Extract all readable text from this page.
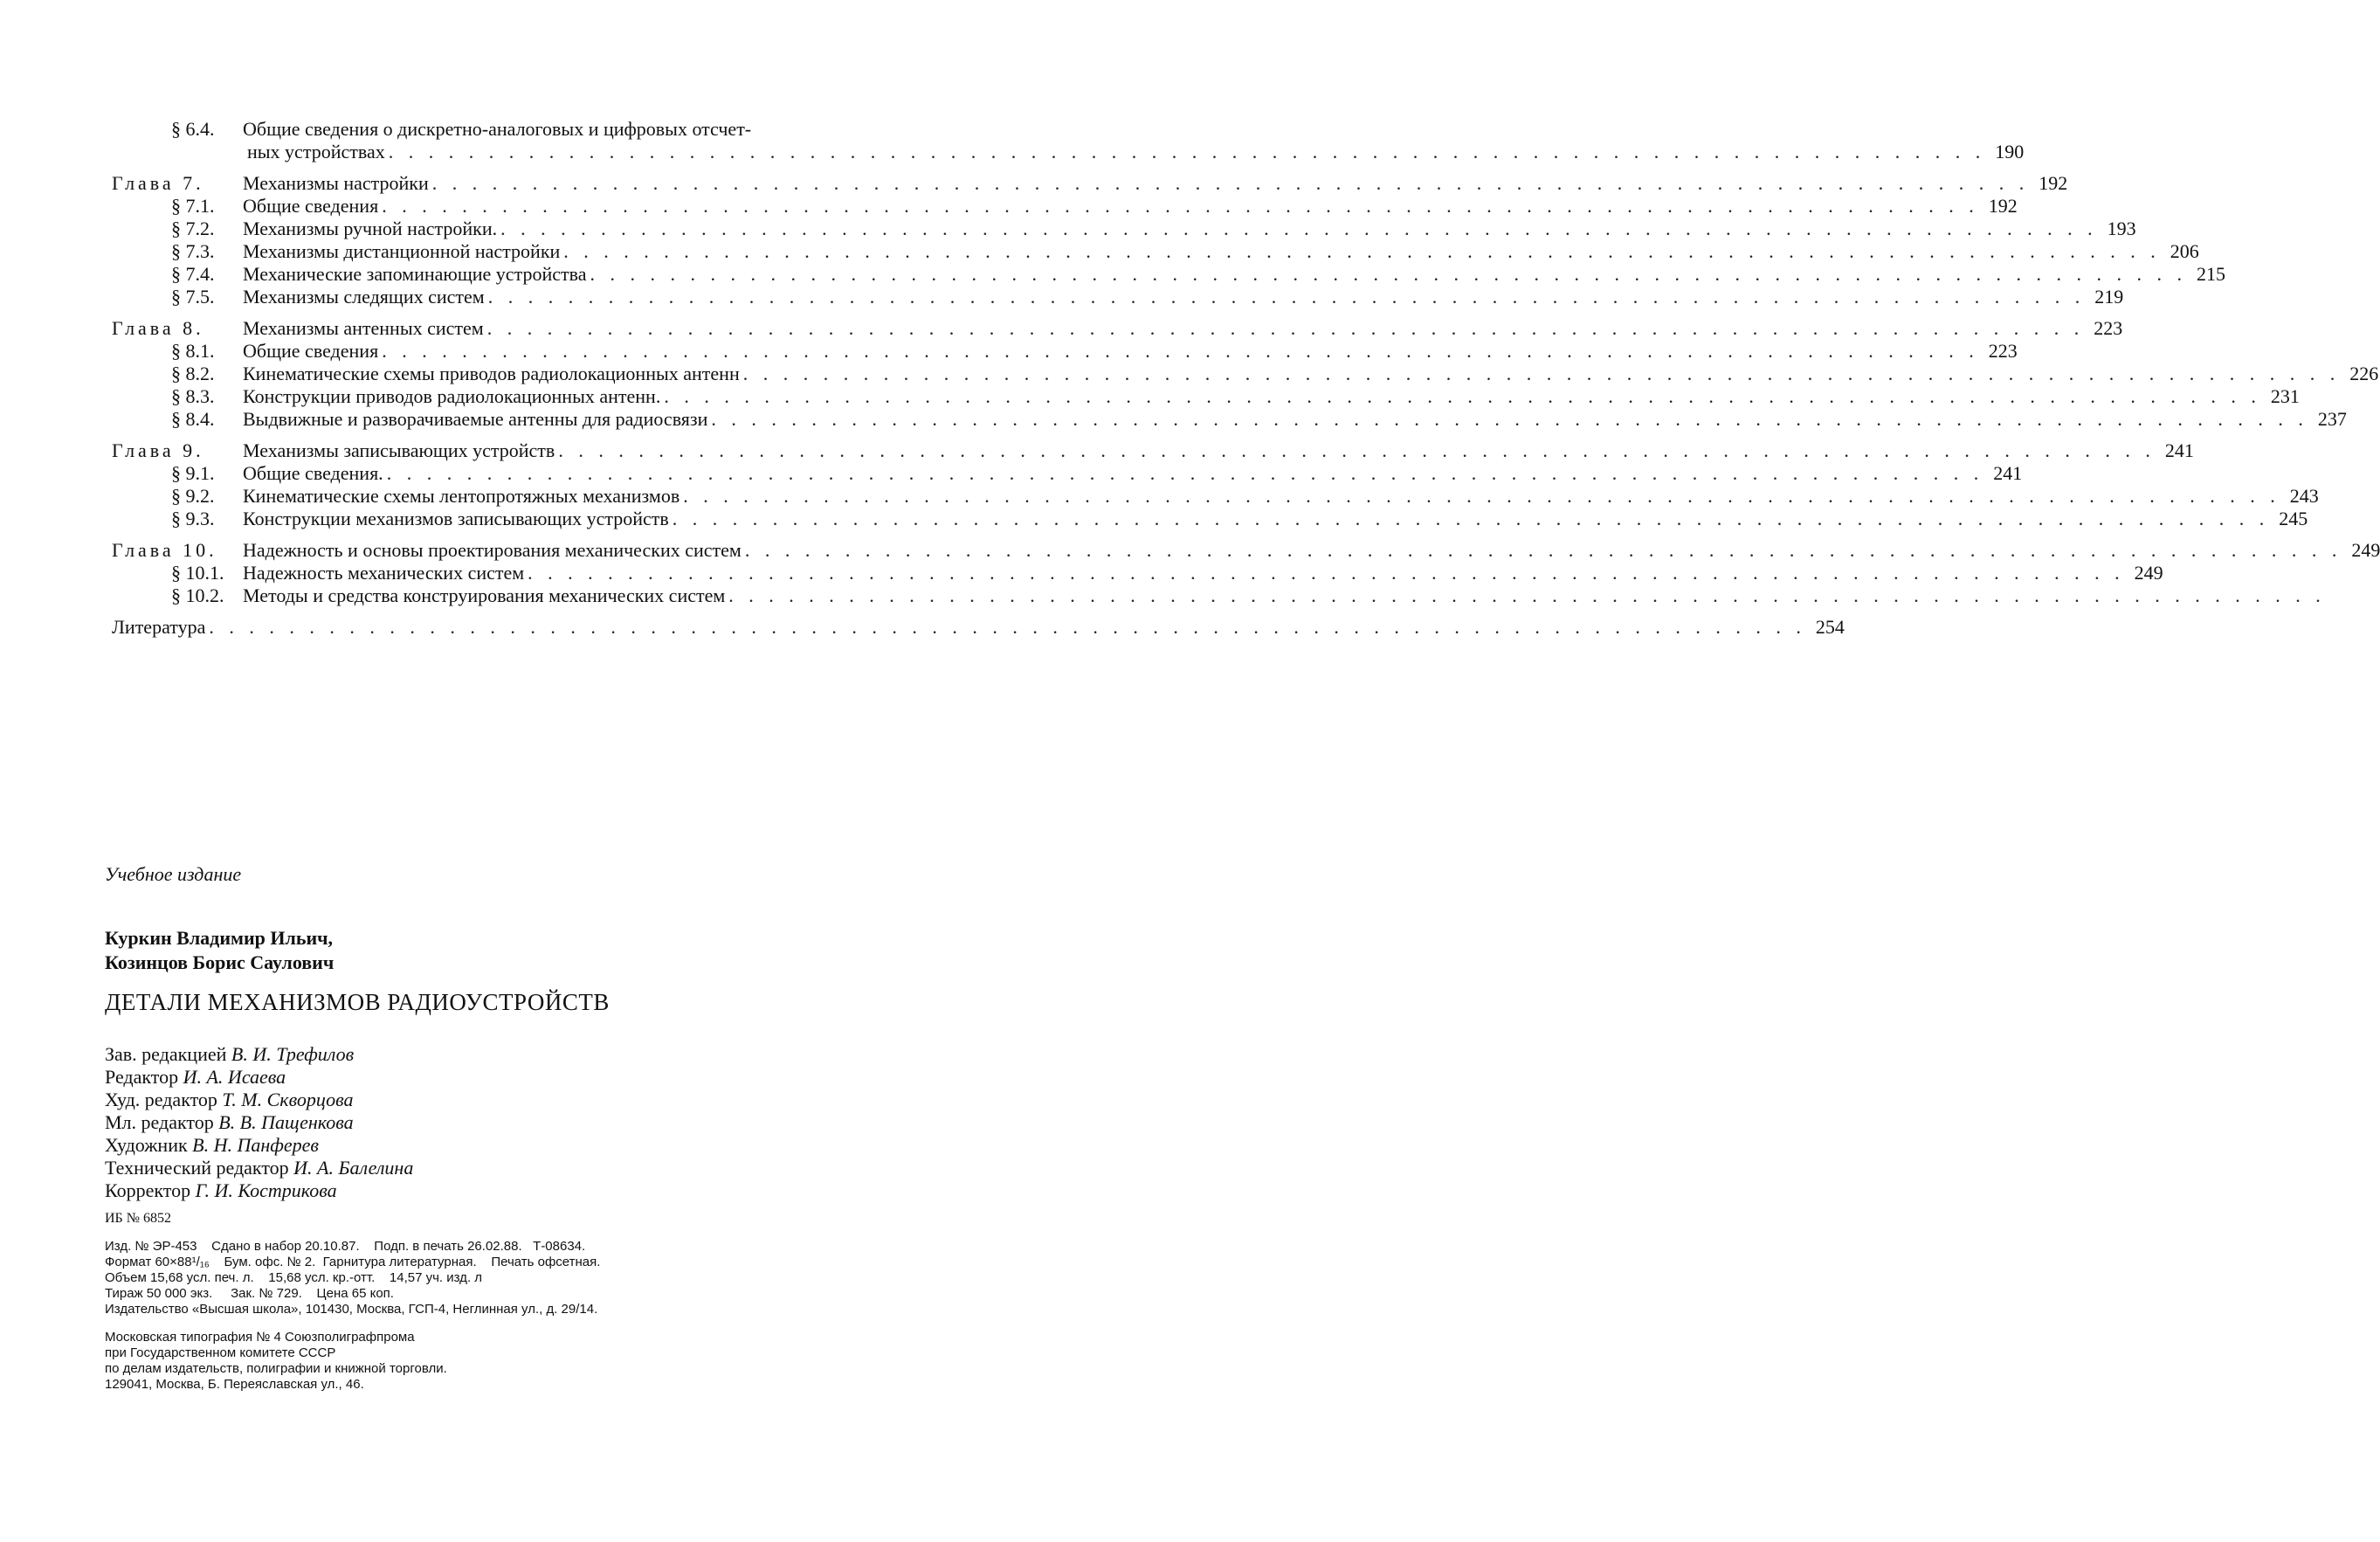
§ 6.4.	Общие сведения о дискретно-аналоговых и цифровых отсчет-
ных устройствах . . . . . . . . . . . . . . . . . . . . . . . . . . . . . . . . . . . . . . . . . . . . . . . . . . . . . . . . . . . . . . . . . . . . . . . . . . . . . . . . 190
Глава 7.	Механизмы настройки . . . . . . . . . . . . . . . . . . . . . . . . . . . . . . . . . . . . . . . . . . . . . . . . . . . . . . . . . . . . . . . . . . . . . . . . . . . . . . . . 192
§ 7.1.	Общие сведения . . . . . . . . . . . . . . . . . . . . . . . . . . . . . . . . . . . . . . . . . . . . . . . . . . . . . . . . . . . . . . . . . . . . . . . . . . . . . . . . 192
§ 7.2.	Механизмы ручной настройки. . . . . . . . . . . . . . . . . . . . . . . . . . . . . . . . . . . . . . . . . . . . . . . . . . . . . . . . . . . . . . . . . . . . . . . . . . . . . . . . . 193
§ 7.3.	Механизмы дистанционной настройки . . . . . . . . . . . . . . . . . . . . . . . . . . . . . . . . . . . . . . . . . . . . . . . . . . . . . . . . . . . . . . . . . . . . . . . . . . . . . . . . 206
§ 7.4.	Механические запоминающие устройства . . . . . . . . . . . . . . . . . . . . . . . . . . . . . . . . . . . . . . . . . . . . . . . . . . . . . . . . . . . . . . . . . . . . . . . . . . . . . . . . 215
§ 7.5.	Механизмы следящих систем . . . . . . . . . . . . . . . . . . . . . . . . . . . . . . . . . . . . . . . . . . . . . . . . . . . . . . . . . . . . . . . . . . . . . . . . . . . . . . . . 219
Глава 8.	Механизмы антенных систем . . . . . . . . . . . . . . . . . . . . . . . . . . . . . . . . . . . . . . . . . . . . . . . . . . . . . . . . . . . . . . . . . . . . . . . . . . . . . . . . 223
§ 8.1.	Общие сведения . . . . . . . . . . . . . . . . . . . . . . . . . . . . . . . . . . . . . . . . . . . . . . . . . . . . . . . . . . . . . . . . . . . . . . . . . . . . . . . . 223
§ 8.2.	Кинематические схемы приводов радиолокационных антенн . . . . . . . . . . . . . . . . . . . . . . . . . . . . . . . . . . . . . . . . . . . . . . . . . . . . . . . . . . . . . . . . . . . . . . . . . . . . . . . . 226
§ 8.3.	Конструкции приводов радиолокационных антенн. . . . . . . . . . . . . . . . . . . . . . . . . . . . . . . . . . . . . . . . . . . . . . . . . . . . . . . . . . . . . . . . . . . . . . . . . . . . . . . . . 231
§ 8.4.	Выдвижные и разворачиваемые антенны для радиосвязи . . . . . . . . . . . . . . . . . . . . . . . . . . . . . . . . . . . . . . . . . . . . . . . . . . . . . . . . . . . . . . . . . . . . . . . . . . . . . . . . 237
Глава 9.	Механизмы записывающих устройств . . . . . . . . . . . . . . . . . . . . . . . . . . . . . . . . . . . . . . . . . . . . . . . . . . . . . . . . . . . . . . . . . . . . . . . . . . . . . . . . 241
§ 9.1.	Общие сведения. . . . . . . . . . . . . . . . . . . . . . . . . . . . . . . . . . . . . . . . . . . . . . . . . . . . . . . . . . . . . . . . . . . . . . . . . . . . . . . . . 241
§ 9.2.	Кинематические схемы лентопротяжных механизмов . . . . . . . . . . . . . . . . . . . . . . . . . . . . . . . . . . . . . . . . . . . . . . . . . . . . . . . . . . . . . . . . . . . . . . . . . . . . . . . . 243
§ 9.3.	Конструкции механизмов записывающих устройств . . . . . . . . . . . . . . . . . . . . . . . . . . . . . . . . . . . . . . . . . . . . . . . . . . . . . . . . . . . . . . . . . . . . . . . . . . . . . . . . 245
Глава 10.	Надежность и основы проектирования механических систем . . . . . . . . . . . . . . . . . . . . . . . . . . . . . . . . . . . . . . . . . . . . . . . . . . . . . . . . . . . . . . . . . . . . . . . . . . . . . . . . 249
§ 10.1. Надежность механических систем . . . . . . . . . . . . . . . . . . . . . . . . . . . . . . . . . . . . . . . . . . . . . . . . . . . . . . . . . . . . . . . . . . . . . . . . . . . . . . . . 249
§ 10.2. Методы и средства конструирования механических систем . . . . . . . . . . . . . . . . . . . . . . . . . . . . . . . . . . . . . . . . . . . . . . . . . . . . . . . . . . . . . . . . . . . . . . . . . . . . . . . .
Литература . . . . . . . . . . . . . . . . . . . . . . . . . . . . . . . . . . . . . . . . . . . . . . . . . . . . . . . . . . . . . . . . . . . . . . . . . . . . . . . . 254
Учебное издание
Куркин Владимир Ильич,
Козинцов Борис Саулович
ДЕТАЛИ МЕХАНИЗМОВ РАДИОУСТРОЙСТВ
Зав. редакцией В. И. Трефилов
Редактор И. А. Исаева
Худ. редактор Т. М. Скворцова
Мл. редактор В. В. Пащенкова
Художник В. Н. Панферев
Технический редактор И. А. Балелина
Корректор Г. И. Кострикова
ИБ № 6852
Изд. № ЭР-453    Сдано в набор 20.10.87.    Подп. в печать 26.02.88.   Т-08634.
Формат 60×88¹/₁₆    Бум. офс. № 2.  Гарнитура литературная.    Печать офсетная.
Объем 15,68 усл. печ. л.    15,68 усл. кр.-отт.    14,57 уч. изд. л
Тираж 50 000 экз.     Зак. № 729.    Цена 65 коп.
Издательство «Высшая школа», 101430, Москва, ГСП-4, Неглинная ул., д. 29/14.
Московская типография № 4 Союзполиграфпрома
при Государственном комитете СССР
по делам издательств, полиграфии и книжной торговли.
129041, Москва, Б. Переяславская ул., 46.
